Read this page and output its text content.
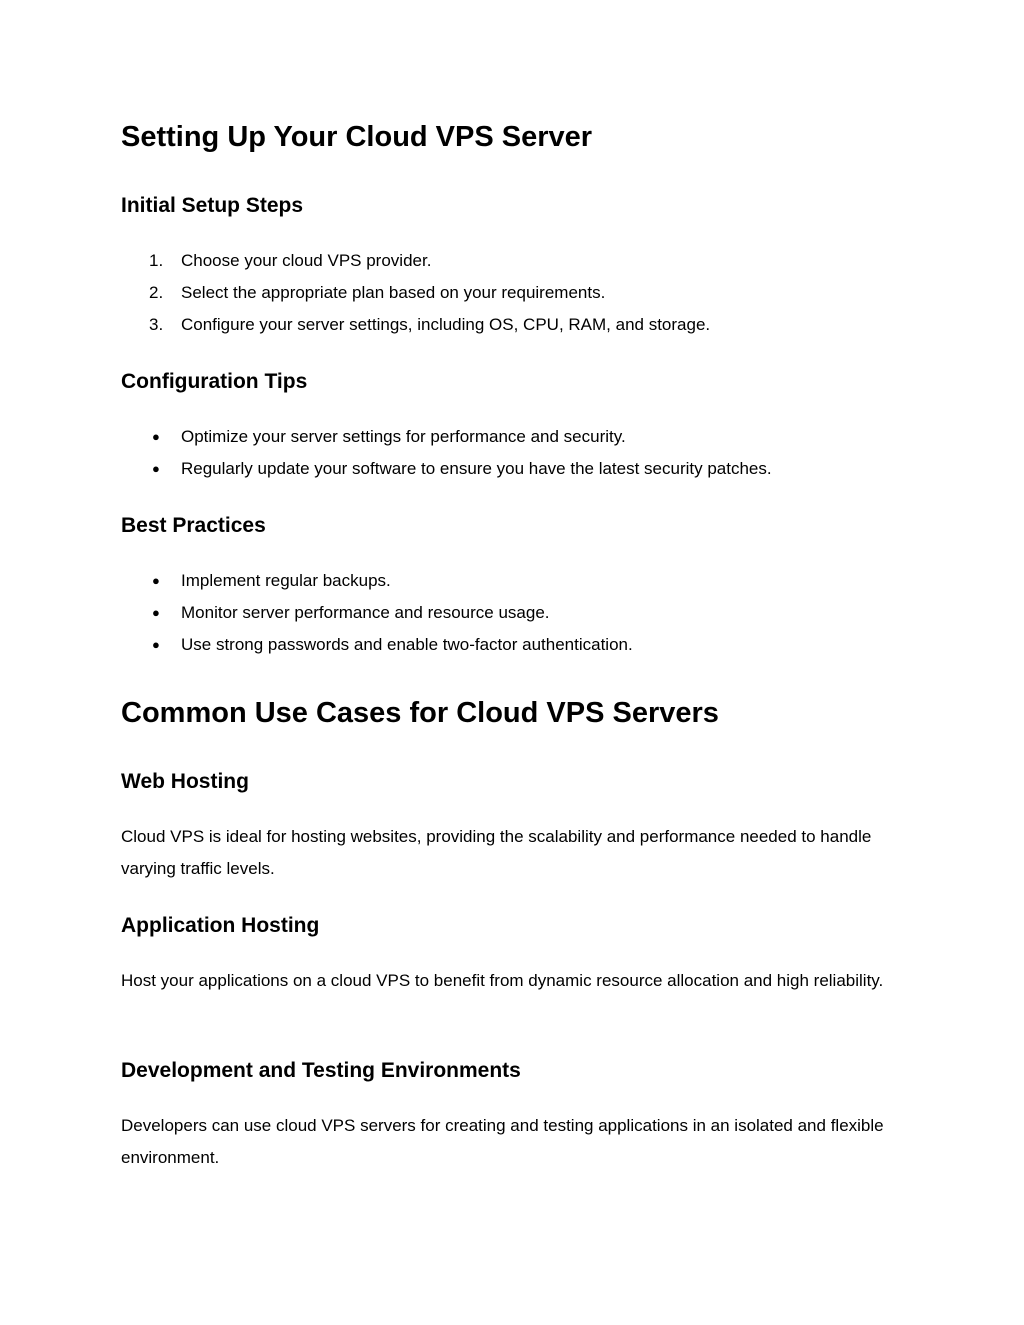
Setting Up Your Cloud VPS Server
Initial Setup Steps
1.	Choose your cloud VPS provider.
2.	Select the appropriate plan based on your requirements.
3.	Configure your server settings, including OS, CPU, RAM, and storage.
Configuration Tips
●	Optimize your server settings for performance and security.
●	Regularly update your software to ensure you have the latest security patches.
Best Practices
●	Implement regular backups.
●	Monitor server performance and resource usage.
●	Use strong passwords and enable two-factor authentication.
Common Use Cases for Cloud VPS Servers
Web Hosting

Cloud VPS is ideal for hosting websites, providing the scalability and performance needed to handle varying traffic levels.

Application Hosting

Host your applications on a cloud VPS to benefit from dynamic resource allocation and high reliability.

Development and Testing Environments

Developers can use cloud VPS servers for creating and testing applications in an isolated and flexible environment.
